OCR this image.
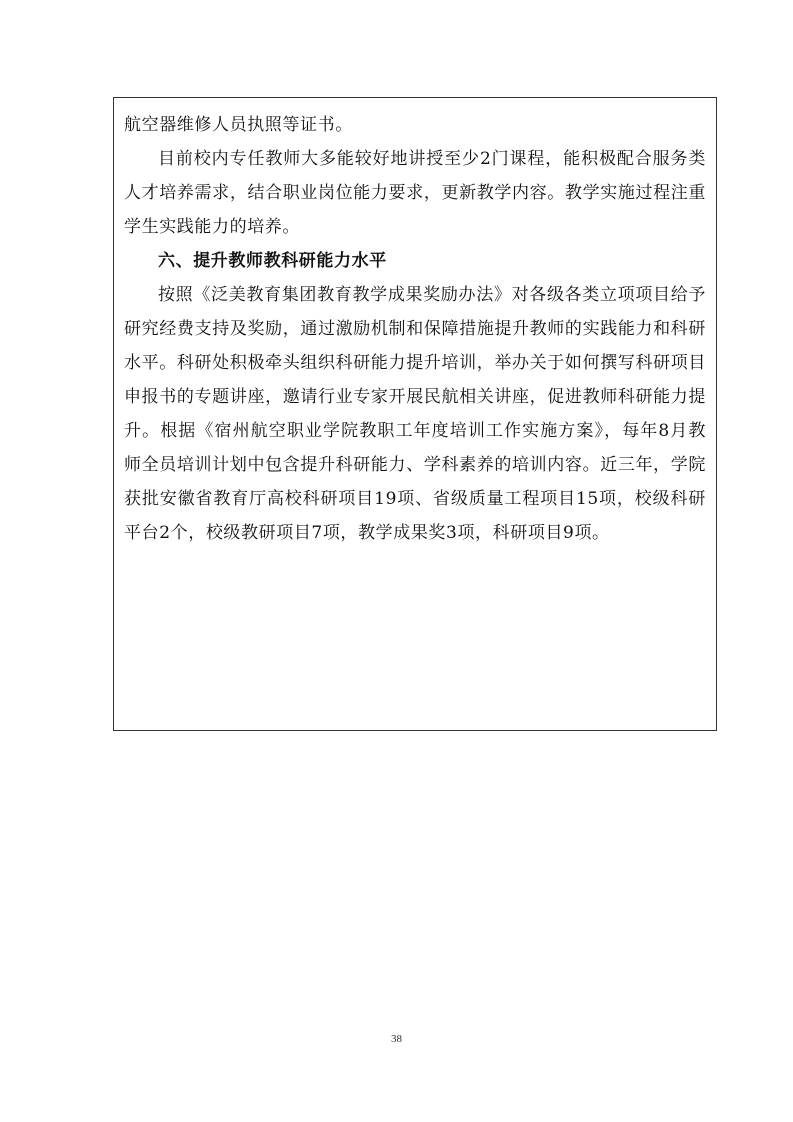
航空器维修人员执照等证书。

目前校内专任教师大多能较好地讲授至少2门课程，能积极配合服务类人才培养需求，结合职业岗位能力要求，更新教学内容。教学实施过程注重学生实践能力的培养。

六、提升教师教科研能力水平

按照《泛美教育集团教育教学成果奖励办法》对各级各类立项项目给予研究经费支持及奖励，通过激励机制和保障措施提升教师的实践能力和科研水平。科研处积极牵头组织科研能力提升培训，举办关于如何撰写科研项目申报书的专题讲座，邀请行业专家开展民航相关讲座，促进教师科研能力提升。根据《宿州航空职业学院教职工年度培训工作实施方案》，每年8月教师全员培训计划中包含提升科研能力、学科素养的培训内容。近三年，学院获批安徽省教育厅高校科研项目19项、省级质量工程项目15项，校级科研平台2个，校级教研项目7项，教学成果奖3项，科研项目9项。

38
